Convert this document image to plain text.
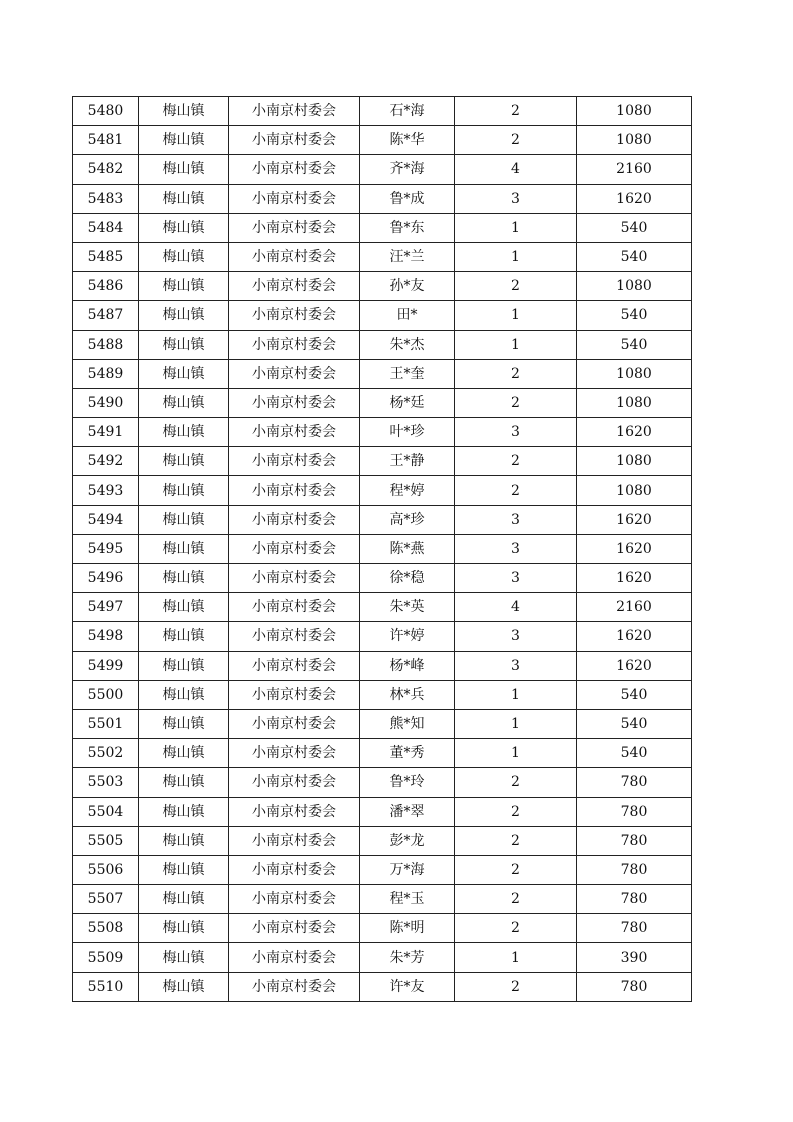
5480	梅山镇	小南京村委会	石*海	2	1080
5481	梅山镇	小南京村委会	陈*华	2	1080
5482	梅山镇	小南京村委会	齐*海	4	2160
5483	梅山镇	小南京村委会	鲁*成	3	1620
5484	梅山镇	小南京村委会	鲁*东	1	540
5485	梅山镇	小南京村委会	汪*兰	1	540
5486	梅山镇	小南京村委会	孙*友	2	1080
5487	梅山镇	小南京村委会	田*	1	540
5488	梅山镇	小南京村委会	朱*杰	1	540
5489	梅山镇	小南京村委会	王*奎	2	1080
5490	梅山镇	小南京村委会	杨*廷	2	1080
5491	梅山镇	小南京村委会	叶*珍	3	1620
5492	梅山镇	小南京村委会	王*静	2	1080
5493	梅山镇	小南京村委会	程*婷	2	1080
5494	梅山镇	小南京村委会	高*珍	3	1620
5495	梅山镇	小南京村委会	陈*燕	3	1620
5496	梅山镇	小南京村委会	徐*稳	3	1620
5497	梅山镇	小南京村委会	朱*英	4	2160
5498	梅山镇	小南京村委会	许*婷	3	1620
5499	梅山镇	小南京村委会	杨*峰	3	1620
5500	梅山镇	小南京村委会	林*兵	1	540
5501	梅山镇	小南京村委会	熊*知	1	540
5502	梅山镇	小南京村委会	董*秀	1	540
5503	梅山镇	小南京村委会	鲁*玲	2	780
5504	梅山镇	小南京村委会	潘*翠	2	780
5505	梅山镇	小南京村委会	彭*龙	2	780
5506	梅山镇	小南京村委会	万*海	2	780
5507	梅山镇	小南京村委会	程*玉	2	780
5508	梅山镇	小南京村委会	陈*明	2	780
5509	梅山镇	小南京村委会	朱*芳	1	390
5510	梅山镇	小南京村委会	许*友	2	780
